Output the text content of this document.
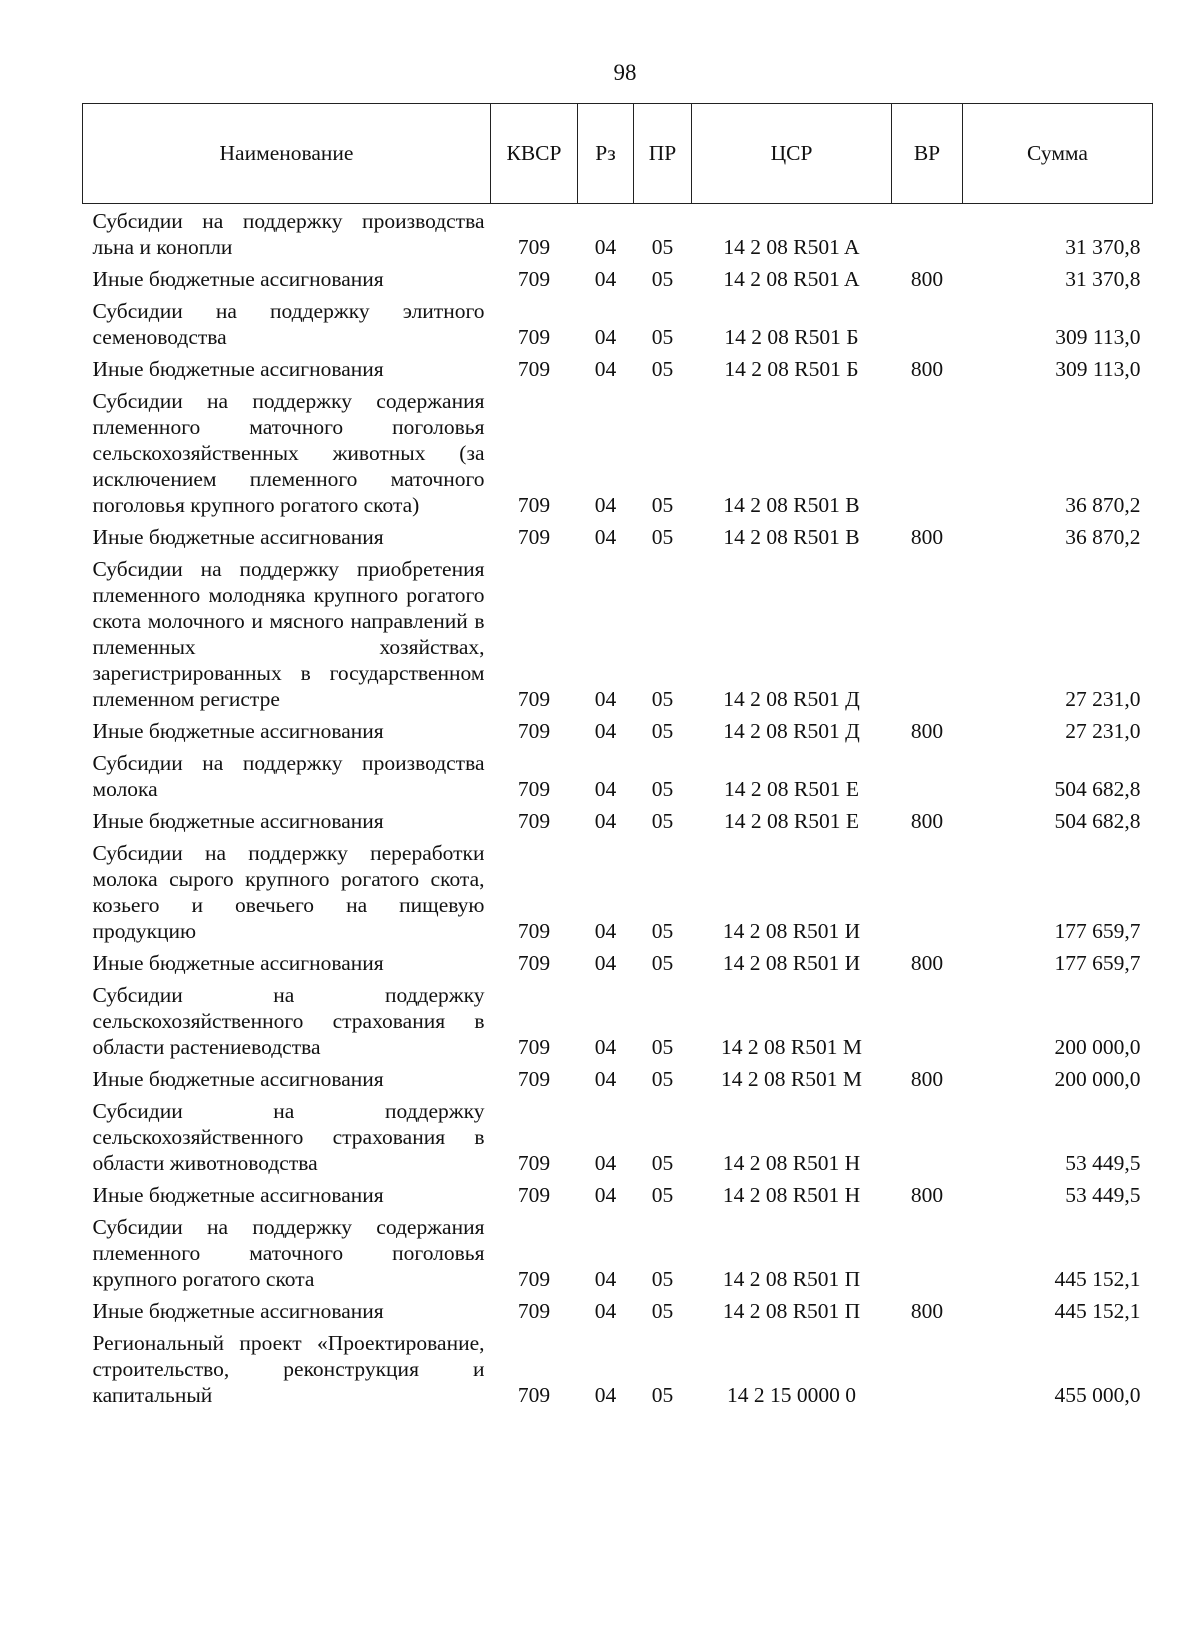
98
Наименование	КВСР	Рз	ПР	ЦСР	ВР	Сумма
Субсидии на поддержку производства льна и конопли	709	04	05	14 2 08 R501 A		31 370,8
Иные бюджетные ассигнования	709	04	05	14 2 08 R501 A	800	31 370,8
Субсидии на поддержку элитного семеноводства	709	04	05	14 2 08 R501 Б		309 113,0
Иные бюджетные ассигнования	709	04	05	14 2 08 R501 Б	800	309 113,0
Субсидии на поддержку содержания племенного маточного поголовья сельскохозяйственных животных (за исключением племенного маточного поголовья крупного рогатого скота)	709	04	05	14 2 08 R501 B		36 870,2
Иные бюджетные ассигнования	709	04	05	14 2 08 R501 B	800	36 870,2
Субсидии на поддержку приобретения племенного молодняка крупного рогатого скота молочного и мясного направлений в племенных хозяйствах, зарегистрированных в государственном племенном регистре	709	04	05	14 2 08 R501 Д		27 231,0
Иные бюджетные ассигнования	709	04	05	14 2 08 R501 Д	800	27 231,0
Субсидии на поддержку производства молока	709	04	05	14 2 08 R501 E		504 682,8
Иные бюджетные ассигнования	709	04	05	14 2 08 R501 E	800	504 682,8
Субсидии на поддержку переработки молока сырого крупного рогатого скота, козьего и овечьего на пищевую продукцию	709	04	05	14 2 08 R501 И		177 659,7
Иные бюджетные ассигнования	709	04	05	14 2 08 R501 И	800	177 659,7
Субсидии на поддержку сельскохозяйственного страхования в области растениеводства	709	04	05	14 2 08 R501 M		200 000,0
Иные бюджетные ассигнования	709	04	05	14 2 08 R501 M	800	200 000,0
Субсидии на поддержку сельскохозяйственного страхования в области животноводства	709	04	05	14 2 08 R501 H		53 449,5
Иные бюджетные ассигнования	709	04	05	14 2 08 R501 H	800	53 449,5
Субсидии на поддержку содержания племенного маточного поголовья крупного рогатого скота	709	04	05	14 2 08 R501 П		445 152,1
Иные бюджетные ассигнования	709	04	05	14 2 08 R501 П	800	445 152,1
Региональный проект «Проектирование, строительство, реконструкция и капитальный	709	04	05	14 2 15 0000 0		455 000,0
